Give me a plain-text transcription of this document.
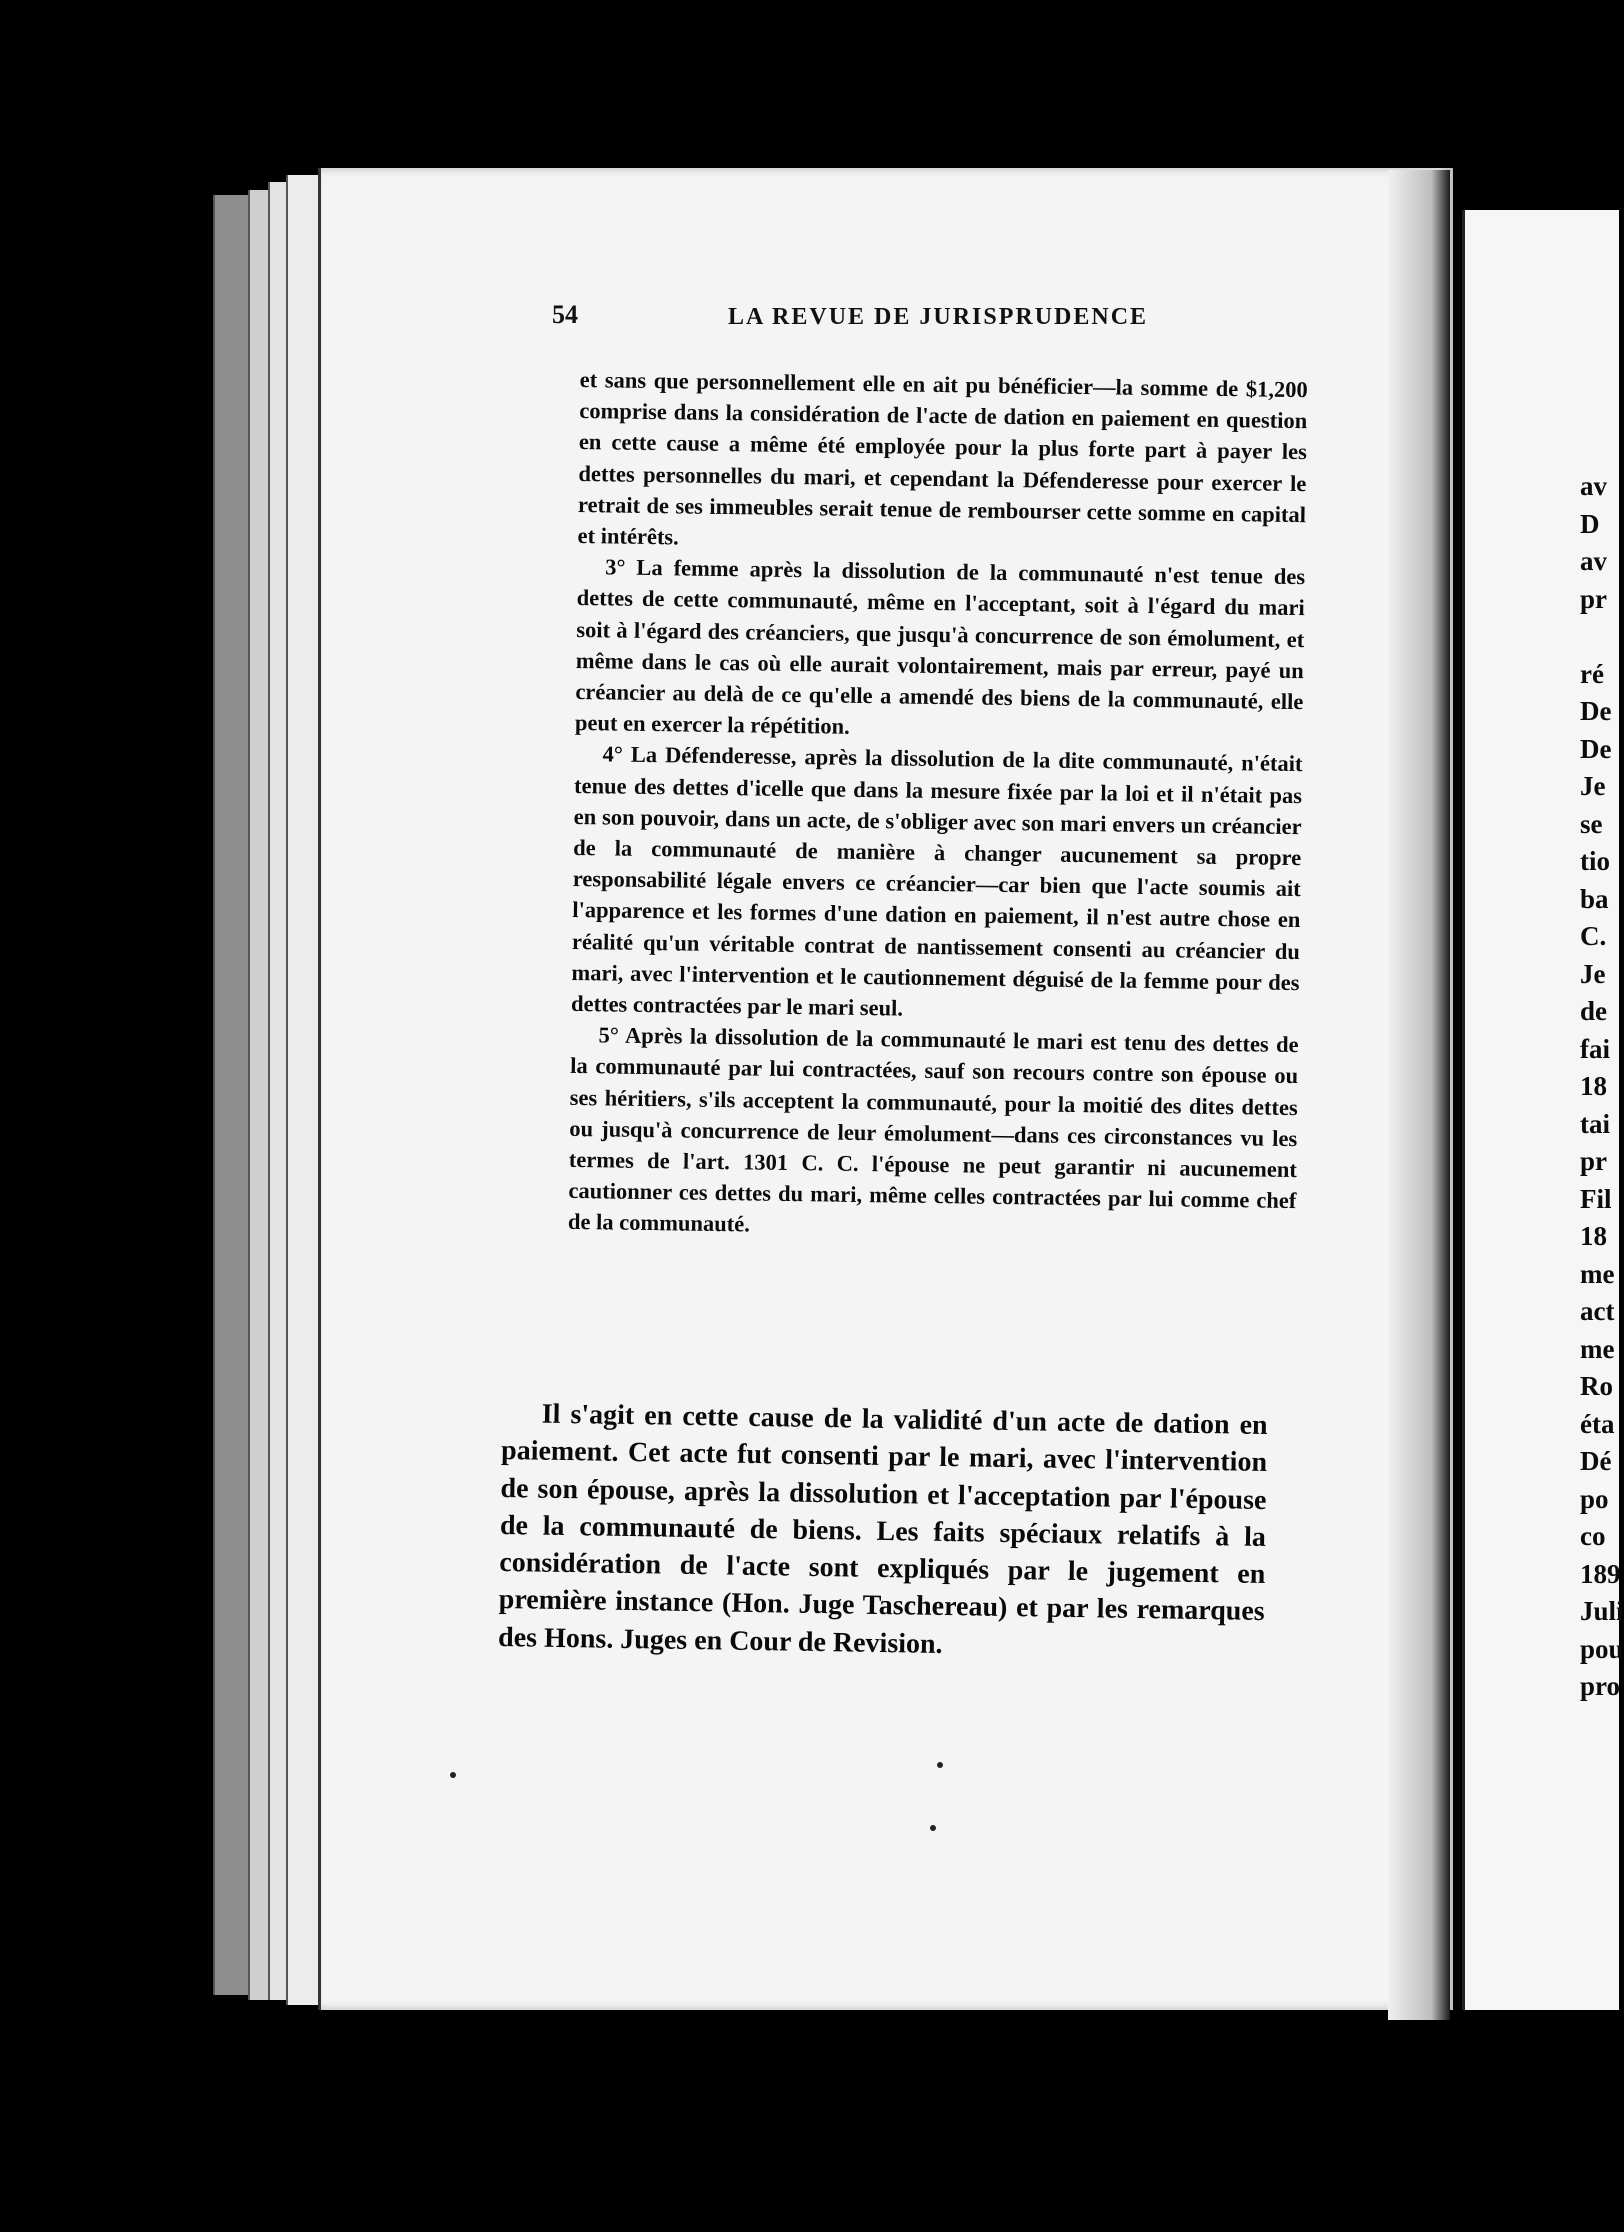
54	LA REVUE DE JURISPRUDENCE

et sans que personnellement elle en ait pu bénéficier—la somme de $1,200 comprise dans la considération de l'acte de dation en paiement en question en cette cause a même été employée pour la plus forte part à payer les dettes personnelles du mari, et cependant la Défenderesse pour exercer le retrait de ses immeubles serait tenue de rembourser cette somme en capital et intérêts.

3° La femme après la dissolution de la communauté n'est tenue des dettes de cette communauté, même en l'acceptant, soit à l'égard du mari soit à l'égard des créanciers, que jusqu'à concurrence de son émolument, et même dans le cas où elle aurait volontairement, mais par erreur, payé un créancier au delà de ce qu'elle a amendé des biens de la communauté, elle peut en exercer la répétition.

4° La Défenderesse, après la dissolution de la dite communauté, n'était tenue des dettes d'icelle que dans la mesure fixée par la loi et il n'était pas en son pouvoir, dans un acte, de s'obliger avec son mari envers un créancier de la communauté de manière à changer aucunement sa propre responsabilité légale envers ce créancier—car bien que l'acte soumis ait l'apparence et les formes d'une dation en paiement, il n'est autre chose en réalité qu'un véritable contrat de nantissement consenti au créancier du mari, avec l'intervention et le cautionnement déguisé de la femme pour des dettes contractées par le mari seul.

5° Après la dissolution de la communauté le mari est tenu des dettes de la communauté par lui contractées, sauf son recours contre son épouse ou ses héritiers, s'ils acceptent la communauté, pour la moitié des dites dettes ou jusqu'à concurrence de leur émolument—dans ces circonstances vu les termes de l'art. 1301 C. C. l'épouse ne peut garantir ni aucunement cautionner ces dettes du mari, même celles contractées par lui comme chef de la communauté.

Il s'agit en cette cause de la validité d'un acte de dation en paiement. Cet acte fut consenti par le mari, avec l'intervention de son épouse, après la dissolution et l'acceptation par l'épouse de la communauté de biens. Les faits spéciaux relatifs à la considération de l'acte sont expliqués par le jugement en première instance (Hon. Juge Taschereau) et par les remarques des Hons. Juges en Cour de Revision.

av
D
av
pr

ré
De
De
Je
se
tio
ba
C.
Je
de
fai
18
tai
pr
Fil
18
me
act
me
Ro
éta
Dé
po
co
189
Juli
pou
pro
